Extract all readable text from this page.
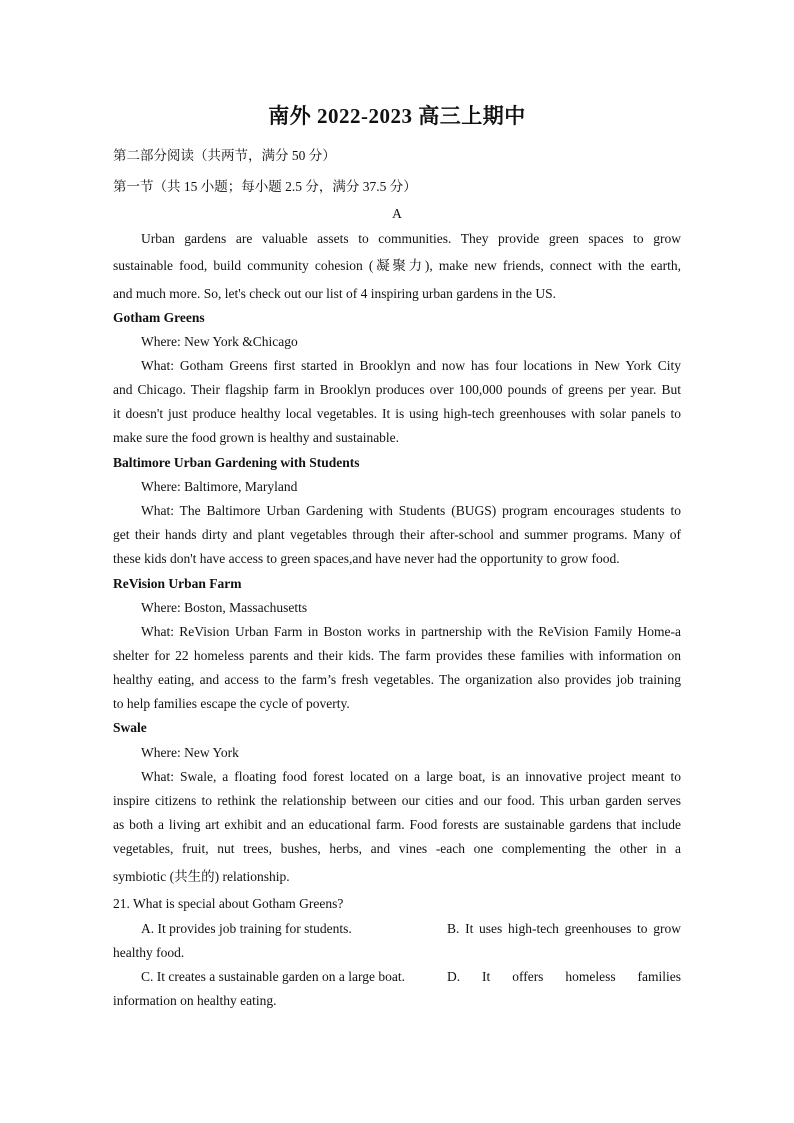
南外 2022-2023 高三上期中
第二部分阅读（共两节，满分 50 分）
第一节（共 15 小题；每小题 2.5 分，满分 37.5 分）
A
Urban gardens are valuable assets to communities. They provide green spaces to grow
sustainable food, build community cohesion (凝聚力), make new friends, connect with the earth,
and much more. So, let's check out our list of 4 inspiring urban gardens in the US.
Gotham Greens
Where: New York &Chicago
What: Gotham Greens first started in Brooklyn and now has four locations in New York City
and Chicago. Their flagship farm in Brooklyn produces over 100,000 pounds of greens per year. But
it doesn't just produce healthy local vegetables. It is using high-tech greenhouses with solar panels to
make sure the food grown is healthy and sustainable.
Baltimore Urban Gardening with Students
Where: Baltimore, Maryland
What: The Baltimore Urban Gardening with Students (BUGS) program encourages students to
get their hands dirty and plant vegetables through their after-school and summer programs. Many of
these kids don't have access to green spaces,and have never had the opportunity to grow food.
ReVision Urban Farm
Where: Boston, Massachusetts
What: ReVision Urban Farm in Boston works in partnership with the ReVision Family Home-a
shelter for 22 homeless parents and their kids. The farm provides these families with information on
healthy eating, and access to the farm’s fresh vegetables. The organization also provides job training
to help families escape the cycle of poverty.
Swale
Where: New York
What: Swale, a floating food forest located on a large boat, is an innovative project meant to
inspire citizens to rethink the relationship between our cities and our food. This urban garden serves
as both a living art exhibit and an educational farm. Food forests are sustainable gardens that include
vegetables, fruit, nut trees, bushes, herbs, and vines -each one complementing the other in a
symbiotic (共生的) relationship.
21. What is special about Gotham Greens?
A. It provides job training for students.	B. It uses high-tech greenhouses to grow
healthy food.
C. It creates a sustainable garden on a large boat.	D. It offers homeless families
information on healthy eating.
